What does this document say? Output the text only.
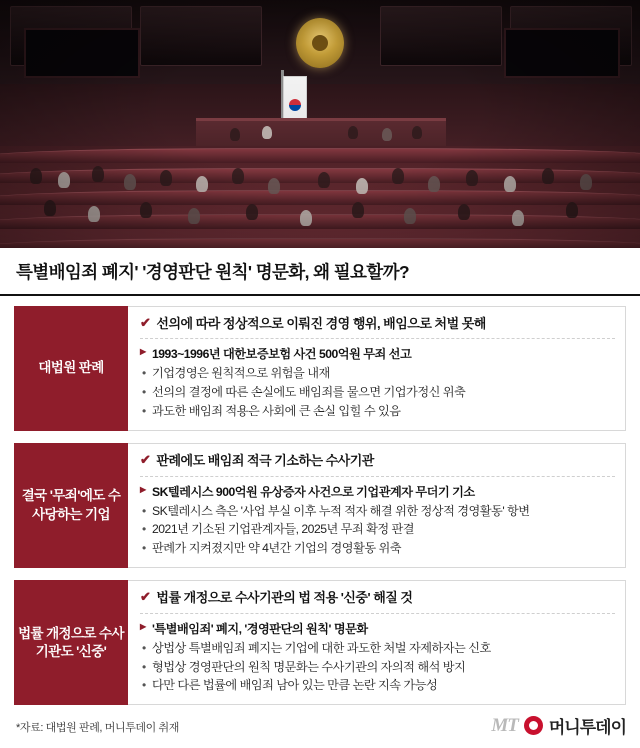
특별배임죄 폐지' '경영판단 원칙' 명문화, 왜 필요할까?
대법원 판례
✔ 선의에 따라 정상적으로 이뤄진 경영 행위, 배임으로 처벌 못해
▶ 1993~1996년 대한보증보험 사건 500억원 무죄 선고
• 기업경영은 원칙적으로 위험을 내재
• 선의의 결정에 따른 손실에도 배임죄를 물으면 기업가정신 위축
• 과도한 배임죄 적용은 사회에 큰 손실 입힐 수 있음
결국 '무죄'에도 수사당하는 기업
✔ 판례에도 배임죄 적극 기소하는 수사기관
▶ SK텔레시스 900억원 유상증자 사건으로 기업관계자 무더기 기소
• SK텔레시스 측은 '사업 부실 이후 누적 적자 해결 위한 정상적 경영활동' 항변
• 2021년 기소된 기업관계자들, 2025년 무죄 확정 판결
• 판례가 지켜졌지만 약 4년간 기업의 경영활동 위축
법률 개정으로 수사기관도 '신중'
✔ 법률 개정으로 수사기관의 법 적용 '신중' 해질 것
▶ '특별배임죄' 폐지, '경영판단의 원칙' 명문화
• 상법상 특별배임죄 폐지는 기업에 대한 과도한 처벌 자제하자는 신호
• 형법상 경영판단의 원칙 명문화는 수사기관의 자의적 해석 방지
• 다만 다른 법률에 배임죄 남아 있는 만큼 논란 지속 가능성
*자료: 대법원 판례, 머니투데이 취재	MT 머니투데이
